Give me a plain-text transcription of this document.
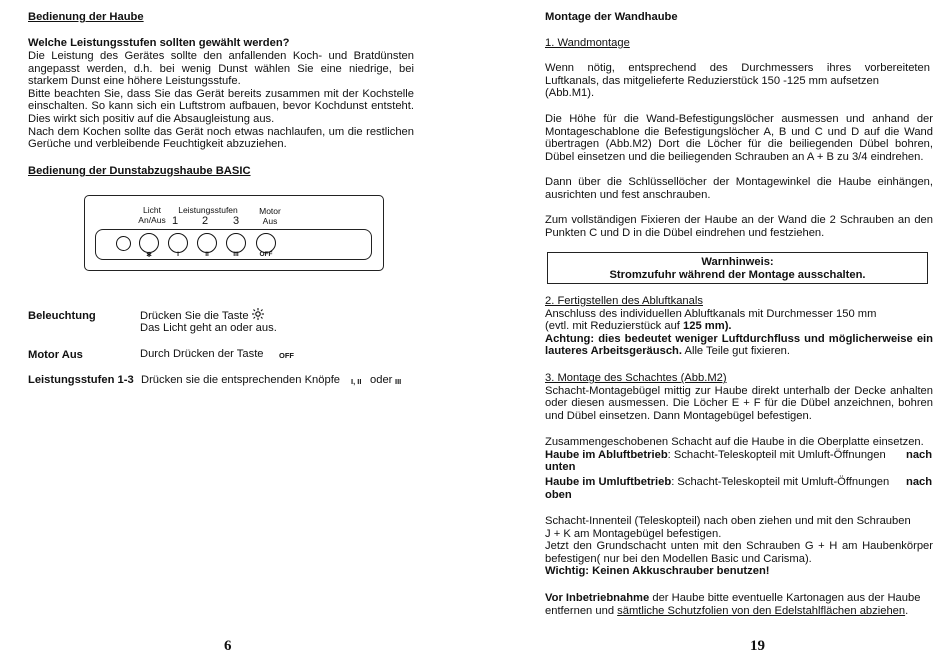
Bedienung der Haube
Welche Leistungsstufen sollten gewählt werden?
Die Leistung des Gerätes sollte den anfallenden Koch- und Bratdünsten
angepasst werden, d.h. bei wenig Dunst wählen Sie eine niedrige, bei
starkem Dunst eine höhere Leistungsstufe.
Bitte beachten Sie, dass Sie das Gerät bereits zusammen mit der Kochstelle
einschalten. So kann sich ein Luftstrom aufbauen, bevor Kochdunst entsteht.
Dies wirkt sich positiv auf die Absaugleistung aus.
Nach dem Kochen sollte das Gerät noch etwas nachlaufen, um die restlichen
Gerüche und verbleibende Feuchtigkeit abzuziehen.
Bedienung der Dunstabzugshaube BASIC
Licht
An/Aus
Leistungsstufen
1 2 3
Motor
Aus
✱	I	II	III	OFF
Beleuchtung	Drücken Sie die Taste
Das Licht geht an oder aus.
Motor Aus	Durch Drücken der Taste OFF
Leistungsstufen 1-3 Drücken sie die entsprechenden Knöpfe I, II oder III
6
Montage der Wandhaube
1. Wandmontage
Wenn nötig, entsprechend des Durchmessers ihres vorbereiteten
Luftkanals, das mitgelieferte Reduzierstück 150 -125 mm aufsetzen
(Abb.M1).
Die Höhe für die Wand-Befestigungslöcher ausmessen und anhand der
Montageschablone die Befestigungslöcher A, B und C und D auf die Wand
übertragen (Abb.M2) Dort die Löcher für die beiliegenden Dübel bohren,
Dübel einsetzen und die beiliegenden Schrauben an A + B zu 3/4 eindrehen.
Dann über die Schlüssellöcher der Montagewinkel die Haube einhängen,
ausrichten und fest anschrauben.
Zum vollständigen Fixieren der Haube an der Wand die 2 Schrauben an den
Punkten C und D in die Dübel eindrehen und festziehen.
Warnhinweis:
Stromzufuhr während der Montage ausschalten.
2. Fertigstellen des Abluftkanals
Anschluss des individuellen Abluftkanals mit Durchmesser 150 mm
(evtl. mit Reduzierstück auf 125 mm).
Achtung: dies bedeutet weniger Luftdurchfluss und möglicherweise ein
lauteres Arbeitsgeräusch. Alle Teile gut fixieren.
3. Montage des Schachtes (Abb.M2)
Schacht-Montagebügel mittig zur Haube direkt unterhalb der Decke anhalten
oder diesen ausmessen. Die Löcher E + F für die Dübel anzeichnen, bohren
und Dübel einsetzen. Dann Montagebügel befestigen.
Zusammengeschobenen Schacht auf die Haube in die Oberplatte einsetzen.
Haube im Abluftbetrieb: Schacht-Teleskopteil mit Umluft-Öffnungen nach
unten
Haube im Umluftbetrieb: Schacht-Teleskopteil mit Umluft-Öffnungen nach
oben
Schacht-Innenteil (Teleskopteil) nach oben ziehen und mit den Schrauben
J + K am Montagebügel befestigen.
Jetzt den Grundschacht unten mit den Schrauben G + H am Haubenkörper
befestigen( nur bei den Modellen Basic und Carisma).
Wichtig: Keinen Akkuschrauber benutzen!
Vor Inbetriebnahme der Haube bitte eventuelle Kartonagen aus der Haube
entfernen und sämtliche Schutzfolien von den Edelstahlflächen abziehen.
19
